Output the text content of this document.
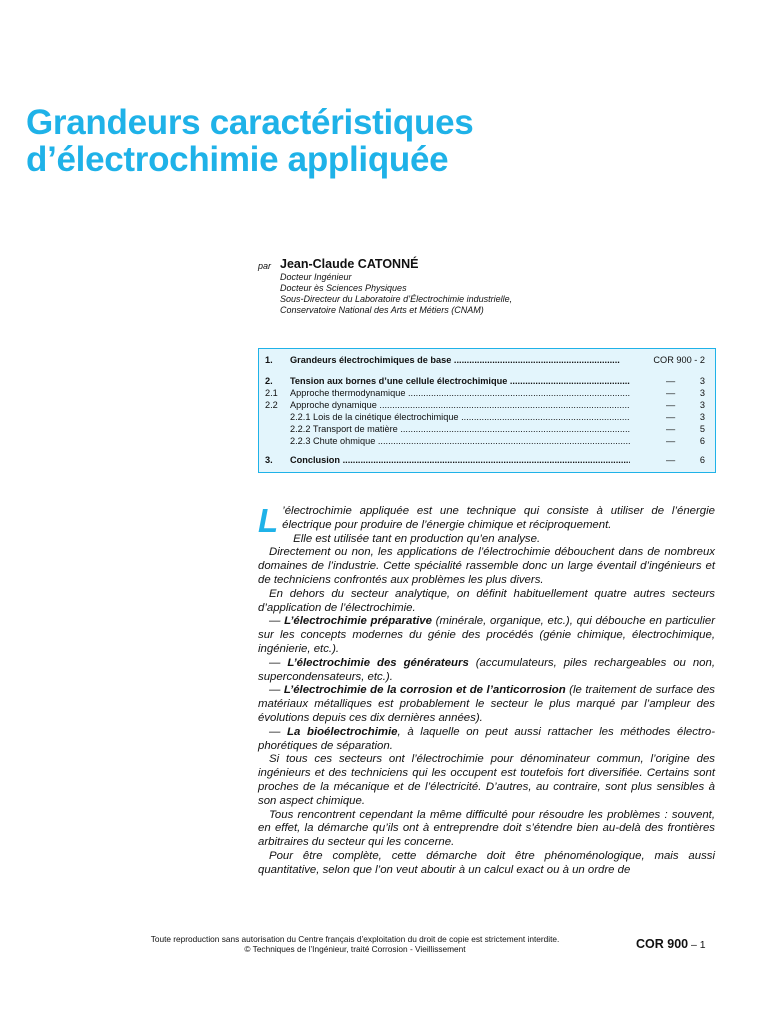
Grandeurs caractéristiques
d’électrochimie appliquée
par Jean-Claude CATONNÉ
Docteur Ingénieur
Docteur ès Sciences Physiques
Sous-Directeur du Laboratoire d’Électrochimie industrielle,
Conservatoire National des Arts et Métiers (CNAM)
1. Grandeurs électrochimiques de base .....	COR 900 - 2
2. Tension aux bornes d’une cellule électrochimique .....	—	3
2.1 Approche thermodynamique .....	—	3
2.2 Approche dynamique .....	—	3
2.2.1 Lois de la cinétique électrochimique .....	—	3
2.2.2 Transport de matière .....	—	5
2.2.3 Chute ohmique .....	—	6
3. Conclusion .....	—	6

L ’électrochimie appliquée est une technique qui consiste à utiliser de l’énergie électrique pour produire de l’énergie chimique et réciproquement.

Elle est utilisée tant en production qu’en analyse.

Directement ou non, les applications de l’électrochimie débouchent dans de nombreux domaines de l’industrie. Cette spécialité rassemble donc un large éventail d’ingénieurs et de techniciens confrontés aux problèmes les plus divers.

En dehors du secteur analytique, on définit habituellement quatre autres secteurs d’application de l’électrochimie.

— L’électrochimie préparative (minérale, organique, etc.), qui débouche en particulier sur les concepts modernes du génie des procédés (génie chimique, électrochimique, ingénierie, etc.).

— L’électrochimie des générateurs (accumulateurs, piles rechargeables ou non, supercondensateurs, etc.).

— L’électrochimie de la corrosion et de l’anticorrosion (le traitement de surface des matériaux métalliques est probablement le secteur le plus marqué par l’ampleur des évolutions depuis ces dix dernières années).

— La bioélectrochimie, à laquelle on peut aussi rattacher les méthodes électro-phorétiques de séparation.

Si tous ces secteurs ont l’électrochimie pour dénominateur commun, l’origine des ingénieurs et des techniciens qui les occupent est toutefois fort diversifiée. Certains sont proches de la mécanique et de l’électricité. D’autres, au contraire, sont plus sensibles à son aspect chimique.

Tous rencontrent cependant la même difficulté pour résoudre les problèmes : souvent, en effet, la démarche qu’ils ont à entreprendre doit s’étendre bien au-delà des frontières arbitraires du secteur qui les concerne.

Pour être complète, cette démarche doit être phénoménologique, mais aussi quantitative, selon que l’on veut aboutir à un calcul exact ou à un ordre de

Toute reproduction sans autorisation du Centre français d’exploitation du droit de copie est strictement interdite.
© Techniques de l’Ingénieur, traité Corrosion - Vieillissement	COR 900 – 1
